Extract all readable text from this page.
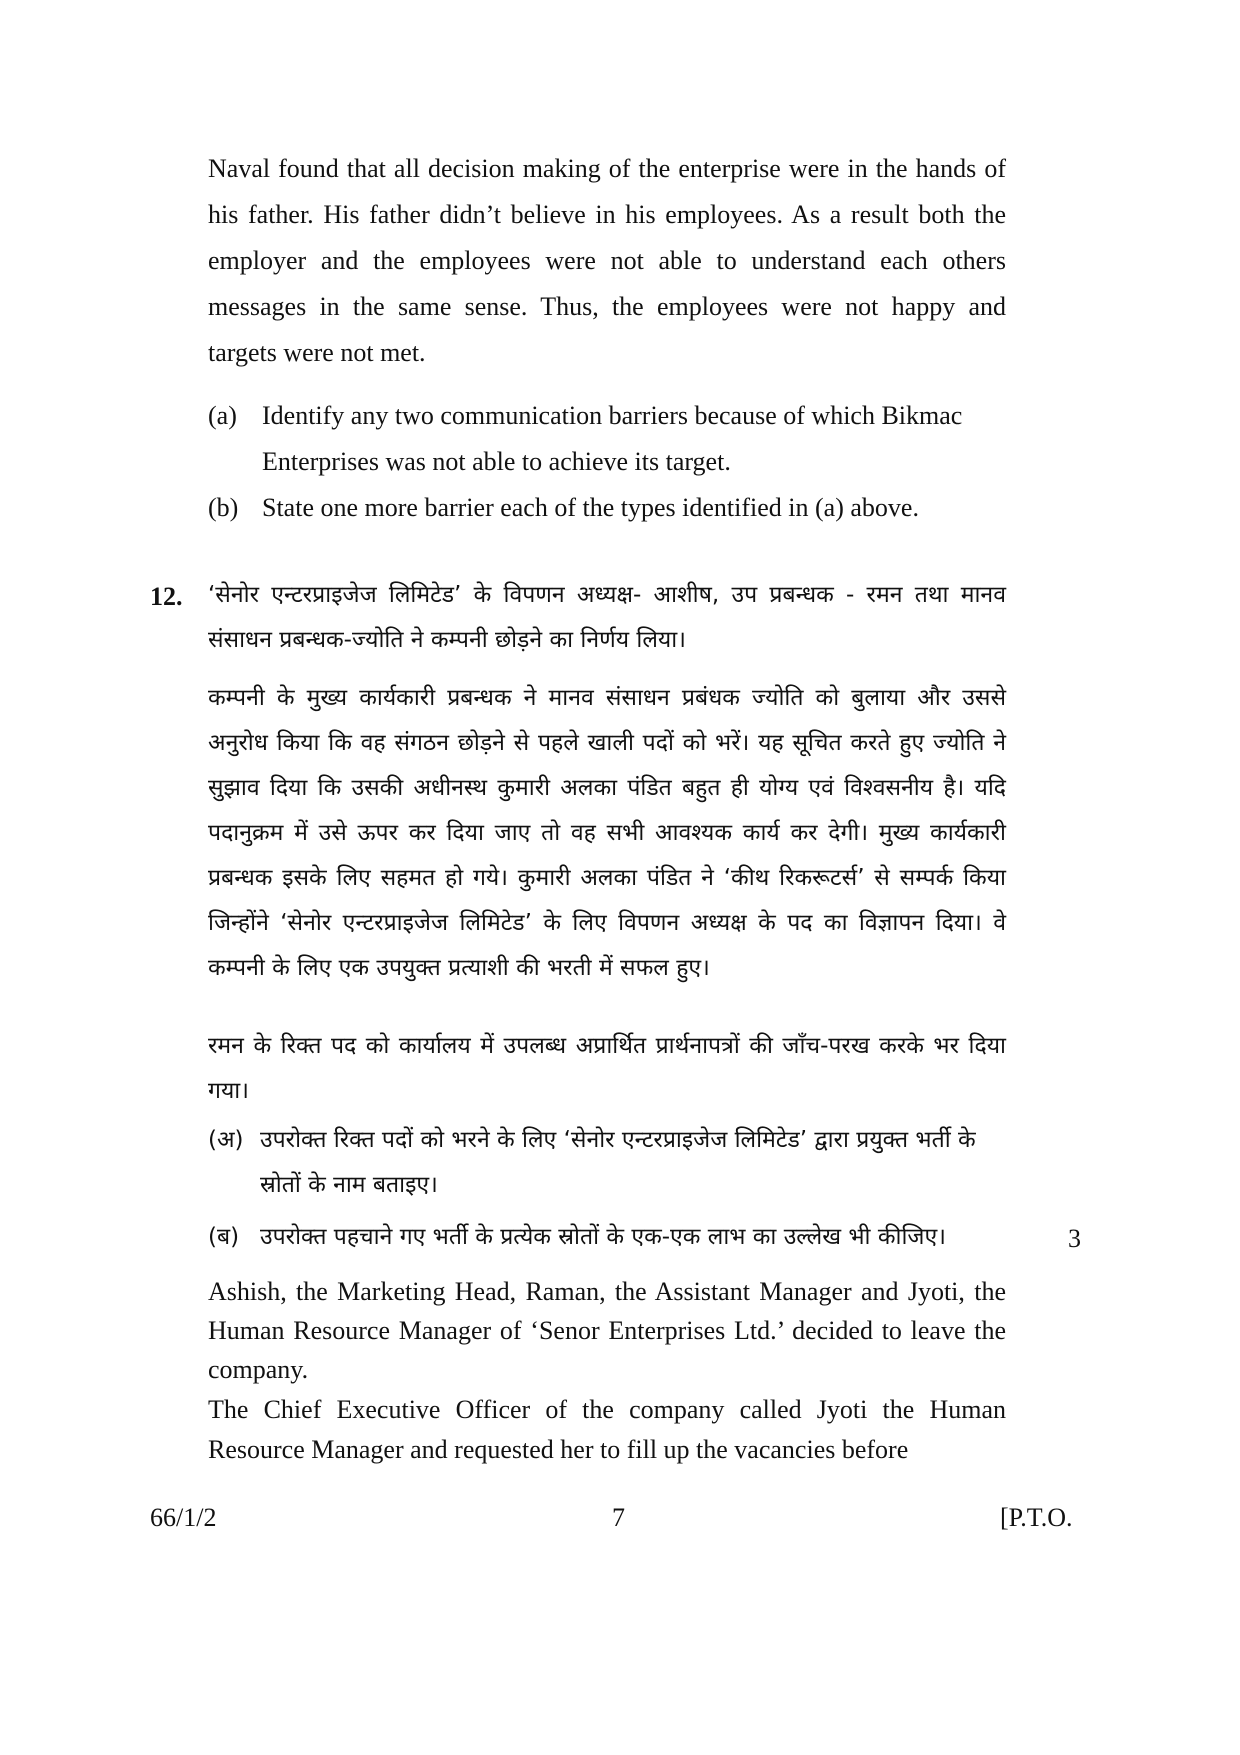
Naval found that all decision making of the enterprise were in the hands of his father. His father didn’t believe in his employees. As a result both the employer and the employees were not able to understand each others messages in the same sense. Thus, the employees were not happy and targets were not met.

(a) Identify any two communication barriers because of which Bikmac Enterprises was not able to achieve its target.
(b) State one more barrier each of the types identified in (a) above.
12. ‘सेनोर एन्टरप्राइजेज लिमिटेड’ के विपणन अध्यक्ष- आशीष, उप प्रबन्धक - रमन तथा मानव संसाधन प्रबन्धक-ज्योति ने कम्पनी छोड़ने का निर्णय लिया।

कम्पनी के मुख्य कार्यकारी प्रबन्धक ने मानव संसाधन प्रबंधक ज्योति को बुलाया और उससे अनुरोध किया कि वह संगठन छोड़ने से पहले खाली पदों को भरें। यह सूचित करते हुए ज्योति ने सुझाव दिया कि उसकी अधीनस्थ कुमारी अलका पंडित बहुत ही योग्य एवं विश्वसनीय है। यदि पदानुक्रम में उसे ऊपर कर दिया जाए तो वह सभी आवश्यक कार्य कर देगी। मुख्य कार्यकारी प्रबन्धक इसके लिए सहमत हो गये। कुमारी अलका पंडित ने ‘कीथ रिकरूटर्स’ से सम्पर्क किया जिन्होंने ‘सेनोर एन्टरप्राइजेज लिमिटेड’ के लिए विपणन अध्यक्ष के पद का विज्ञापन दिया। वे कम्पनी के लिए एक उपयुक्त प्रत्याशी की भरती में सफल हुए।

रमन के रिक्त पद को कार्यालय में उपलब्ध अप्रार्थित प्रार्थनापत्रों की जाँच-परख करके भर दिया गया।

(अ) उपरोक्त रिक्त पदों को भरने के लिए ‘सेनोर एन्टरप्राइजेज लिमिटेड’ द्वारा प्रयुक्त भर्ती के स्रोतों के नाम बताइए।
(ब) उपरोक्त पहचाने गए भर्ती के प्रत्येक स्रोतों के एक-एक लाभ का उल्लेख भी कीजिए।	3

Ashish, the Marketing Head, Raman, the Assistant Manager and Jyoti, the Human Resource Manager of ‘Senor Enterprises Ltd.’ decided to leave the company.

The Chief Executive Officer of the company called Jyoti the Human Resource Manager and requested her to fill up the vacancies before

66/1/2	7	[P.T.O.
